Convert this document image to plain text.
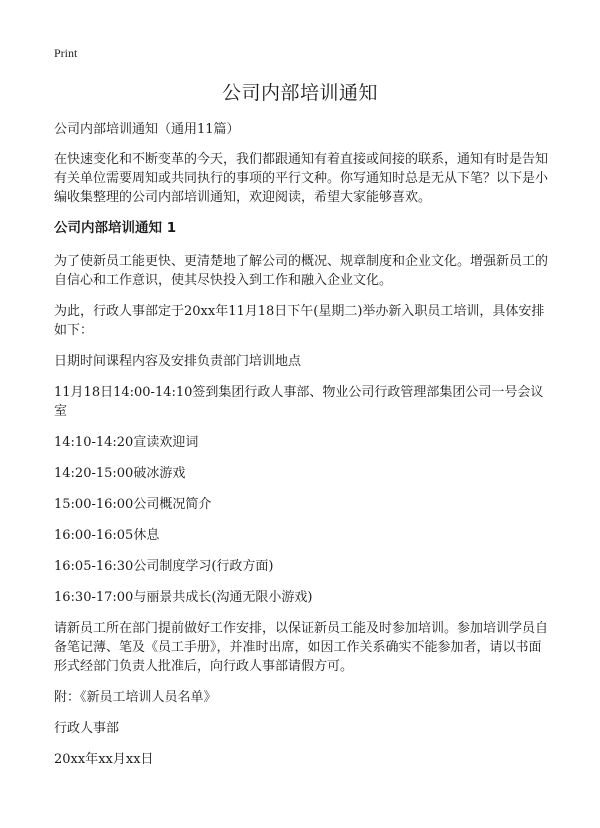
Print
公司内部培训通知

公司内部培训通知（通用11篇）

在快速变化和不断变革的今天，我们都跟通知有着直接或间接的联系，通知有时是告知有关单位需要周知或共同执行的事项的平行文种。你写通知时总是无从下笔？以下是小编收集整理的公司内部培训通知，欢迎阅读，希望大家能够喜欢。

公司内部培训通知 1

为了使新员工能更快、更清楚地了解公司的概况、规章制度和企业文化。增强新员工的自信心和工作意识，使其尽快投入到工作和融入企业文化。

为此，行政人事部定于20xx年11月18日下午(星期二)举办新入职员工培训，具体安排如下：

日期时间课程内容及安排负责部门培训地点

11月18日14:00-14:10签到集团行政人事部、物业公司行政管理部集团公司一号会议室

14:10-14:20宣读欢迎词

14:20-15:00破冰游戏

15:00-16:00公司概况简介

16:00-16:05休息

16:05-16:30公司制度学习(行政方面)

16:30-17:00与丽景共成长(沟通无限小游戏)

请新员工所在部门提前做好工作安排，以保证新员工能及时参加培训。参加培训学员自备笔记薄、笔及《员工手册》，并准时出席，如因工作关系确实不能参加者，请以书面形式经部门负责人批准后，向行政人事部请假方可。

附：《新员工培训人员名单》

行政人事部

20xx年xx月xx日
